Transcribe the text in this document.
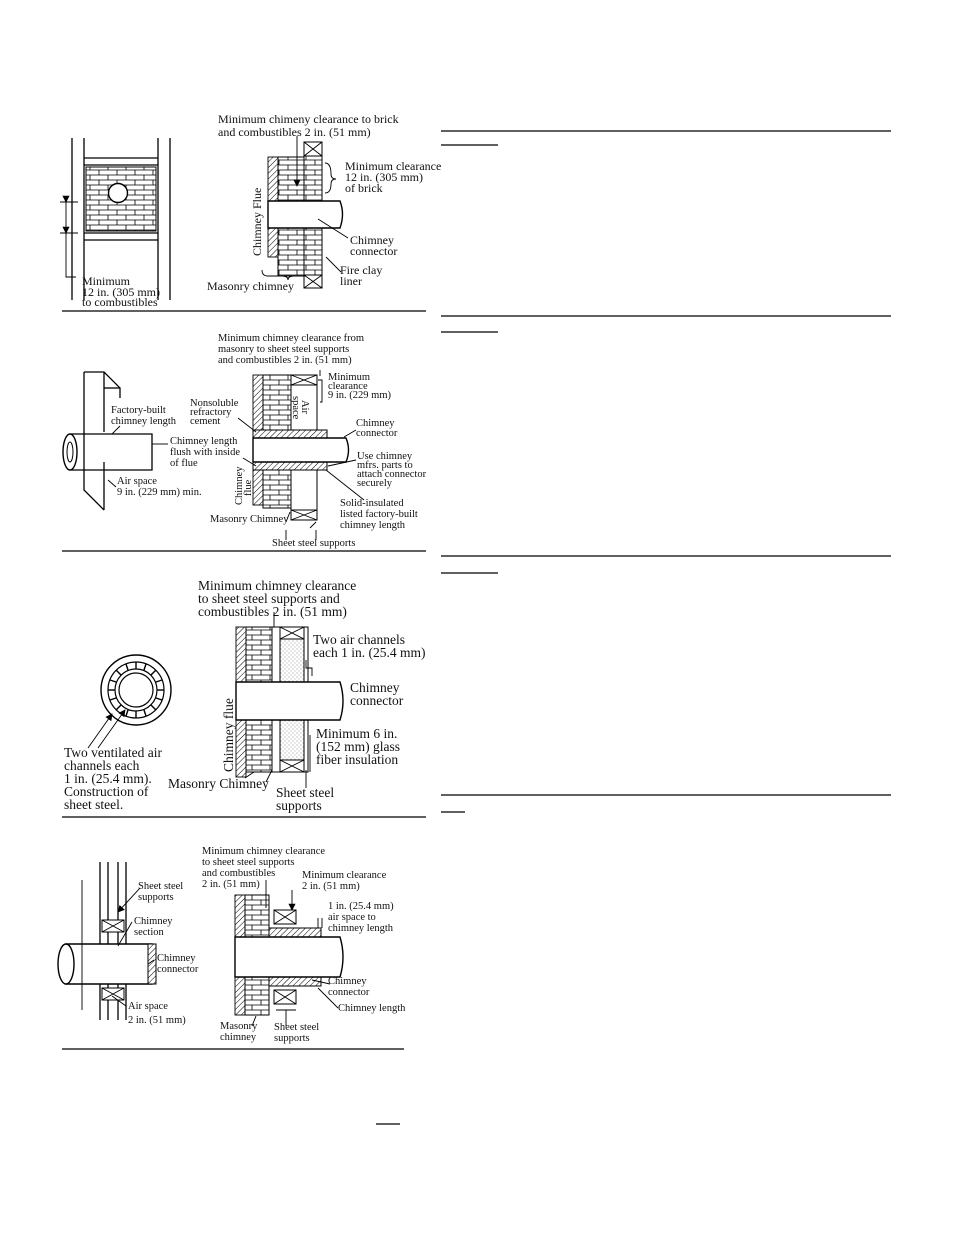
Minimum chimeny clearance to brick
and combustibles 2 in. (51 mm)
Minimum clearance
12 in. (305 mm)
of brick
Chimney Flue	Chimney
connector
Fire clay
liner
Masonry chimney
Minimum
12 in. (305 mm)
to combustibles
Minimum chimney clearance from
masonry to sheet steel supports
and combustibles 2 in. (51 mm)
Factory-built
chimney length
Chimney length
flush with inside
of flue
Air space
9 in. (229 mm) min.
Nonsoluble
refractory
cement
Air
space
Minimum
clearance
9 in. (229 mm)
Chimney
connector
Use chimney
mfrs. parts to
attach connector
securely
Chimney
flue
Solid-insulated
listed factory-built
chimney length
Masonry Chimney
Sheet steel supports
Minimum chimney clearance
to sheet steel supports and
combustibles 2 in. (51 mm)
Two air channels
each 1 in. (25.4 mm)
Chimney
connector
Chimney flue	Minimum 6 in.
(152 mm) glass
fiber insulation
Two ventilated air
channels each
1 in. (25.4 mm).
Construction of
sheet steel.
Masonry Chimney
Sheet steel
supports
Minimum chimney clearance
to sheet steel supports
and combustibles
2 in. (51 mm)
Minimum clearance
2 in. (51 mm)
Sheet steel
supports
Chimney
section
1 in. (25.4 mm)
air space to
chimney length
Chimney
connector
Chimney
connector
Air space
2 in. (51 mm)
Chimney length
Masonry
chimney
Sheet steel
supports
